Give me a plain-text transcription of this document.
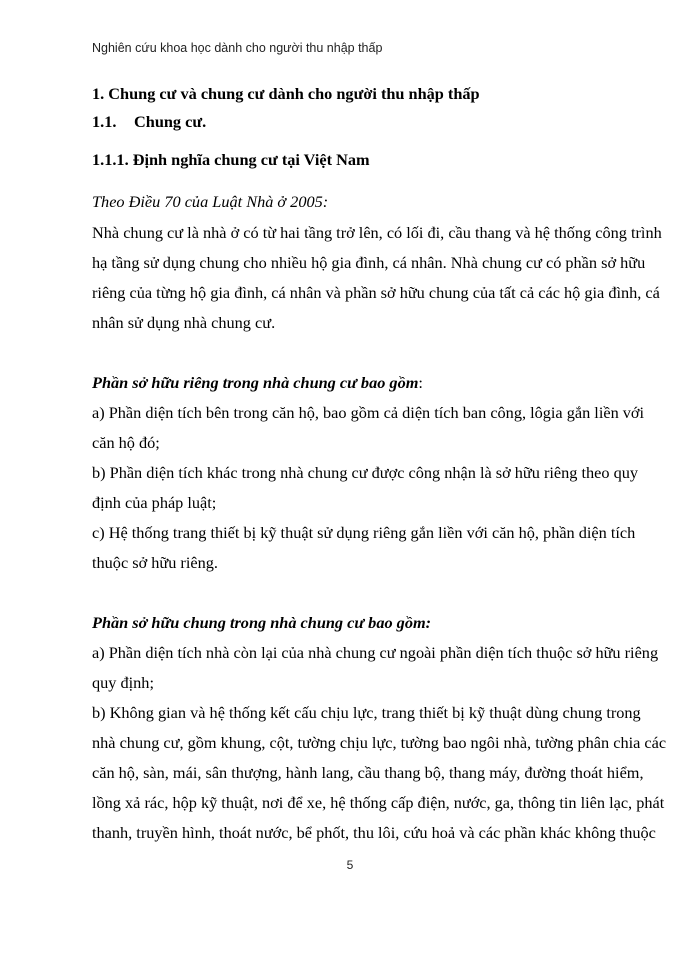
Nghiên cứu khoa học dành cho người thu nhập thấp
1. Chung cư và chung cư dành cho người thu nhập thấp
1.1. Chung cư.
1.1.1. Định nghĩa chung cư tại Việt Nam
Theo Điều 70 của Luật Nhà ở 2005:
Nhà chung cư là nhà ở có từ hai tầng trở lên, có lối đi, cầu thang và hệ thống công trình
hạ tầng sử dụng chung cho nhiều hộ gia đình, cá nhân. Nhà chung cư có phần sở hữu
riêng của từng hộ gia đình, cá nhân và phần sở hữu chung của tất cả các hộ gia đình, cá
nhân sử dụng nhà chung cư.
Phần sở hữu riêng trong nhà chung cư bao gồm:
a) Phần diện tích bên trong căn hộ, bao gồm cả diện tích ban công, lôgia gắn liền với
căn hộ đó;
b) Phần diện tích khác trong nhà chung cư được công nhận là sở hữu riêng theo quy
định của pháp luật;
c) Hệ thống trang thiết bị kỹ thuật sử dụng riêng gắn liền với căn hộ, phần diện tích
thuộc sở hữu riêng.
Phần sở hữu chung trong nhà chung cư bao gồm:
a) Phần diện tích nhà còn lại của nhà chung cư ngoài phần diện tích thuộc sở hữu riêng
quy định;
b) Không gian và hệ thống kết cấu chịu lực, trang thiết bị kỹ thuật dùng chung trong
nhà chung cư, gồm khung, cột, tường chịu lực, tường bao ngôi nhà, tường phân chia các
căn hộ, sàn, mái, sân thượng, hành lang, cầu thang bộ, thang máy, đường thoát hiểm,
lồng xả rác, hộp kỹ thuật, nơi để xe, hệ thống cấp điện, nước, ga, thông tin liên lạc, phát
thanh, truyền hình, thoát nước, bể phốt, thu lôi, cứu hoả và các phần khác không thuộc
5
